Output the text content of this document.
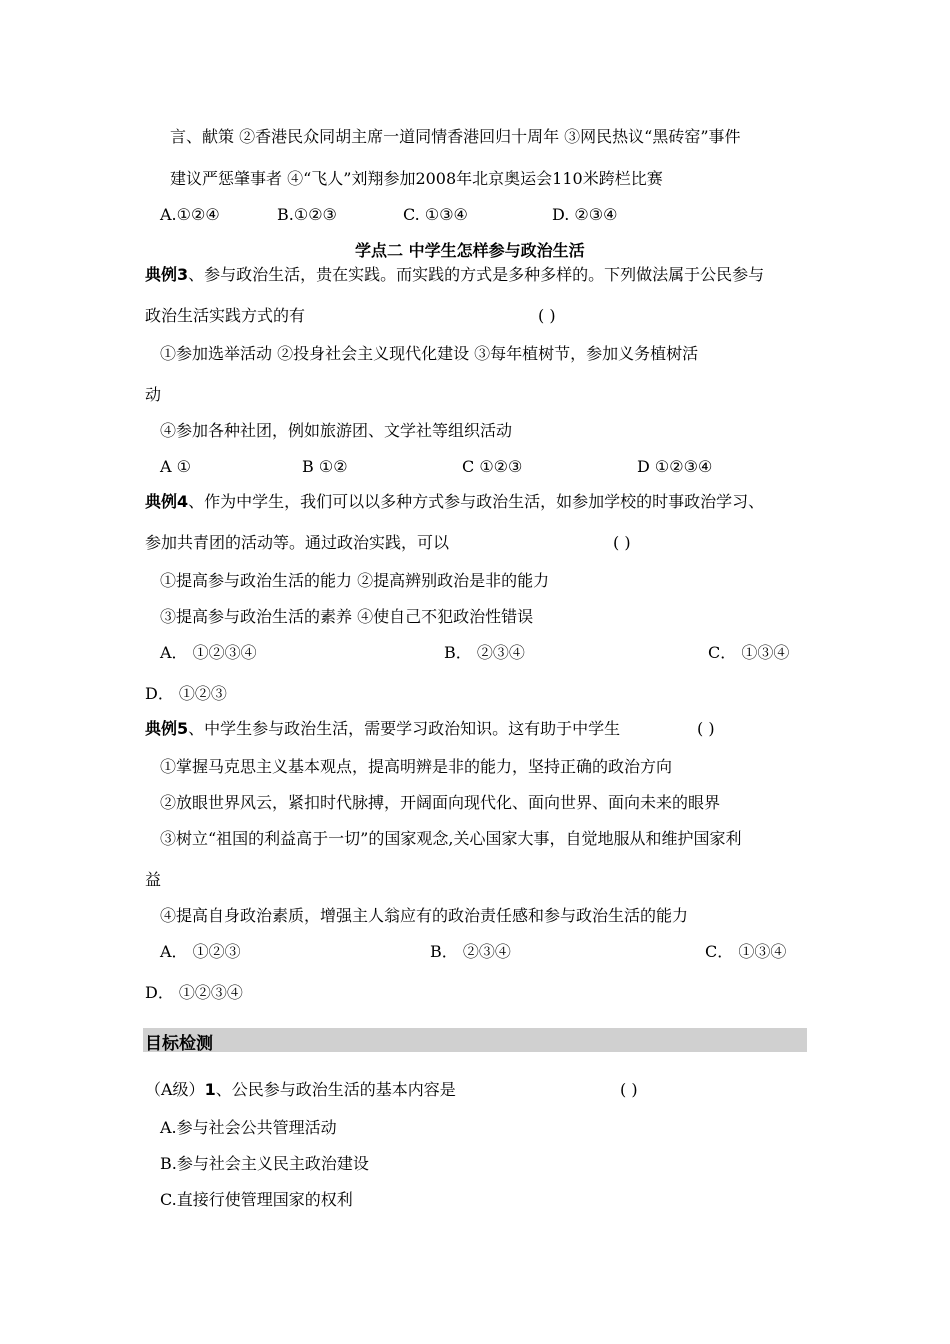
言、献策 ②香港民众同胡主席一道同情香港回归十周年 ③网民热议“黑砖窑”事件
建议严惩肇事者 ④“飞人”刘翔参加2008年北京奥运会110米跨栏比赛
A.①②④	B.①②③	C. ①③④	D. ②③④
学点二 中学生怎样参与政治生活
典例3、参与政治生活，贵在实践。而实践的方式是多种多样的。下列做法属于公民参与
政治生活实践方式的有	( )
①参加选举活动 ②投身社会主义现代化建设 ③每年植树节，参加义务植树活
动
④参加各种社团，例如旅游团、文学社等组织活动
A ①	B ①②	C ①②③	D ①②③④
典例4、作为中学生，我们可以以多种方式参与政治生活，如参加学校的时事政治学习、
参加共青团的活动等。通过政治实践，可以	( )
①提高参与政治生活的能力 ②提高辨别政治是非的能力
③提高参与政治生活的素养 ④使自己不犯政治性错误
A． ①②③④	B． ②③④	C． ①③④
D． ①②③
典例5、中学生参与政治生活，需要学习政治知识。这有助于中学生	( )
①掌握马克思主义基本观点，提高明辨是非的能力，坚持正确的政治方向
②放眼世界风云，紧扣时代脉搏，开阔面向现代化、面向世界、面向未来的眼界
③树立“祖国的利益高于一切”的国家观念,关心国家大事，自觉地服从和维护国家利
益
④提高自身政治素质，增强主人翁应有的政治责任感和参与政治生活的能力
A． ①②③	B． ②③④	C． ①③④
D． ①②③④
目标检测
（A级）1、公民参与政治生活的基本内容是	( )
A.参与社会公共管理活动
B.参与社会主义民主政治建设
C.直接行使管理国家的权利
